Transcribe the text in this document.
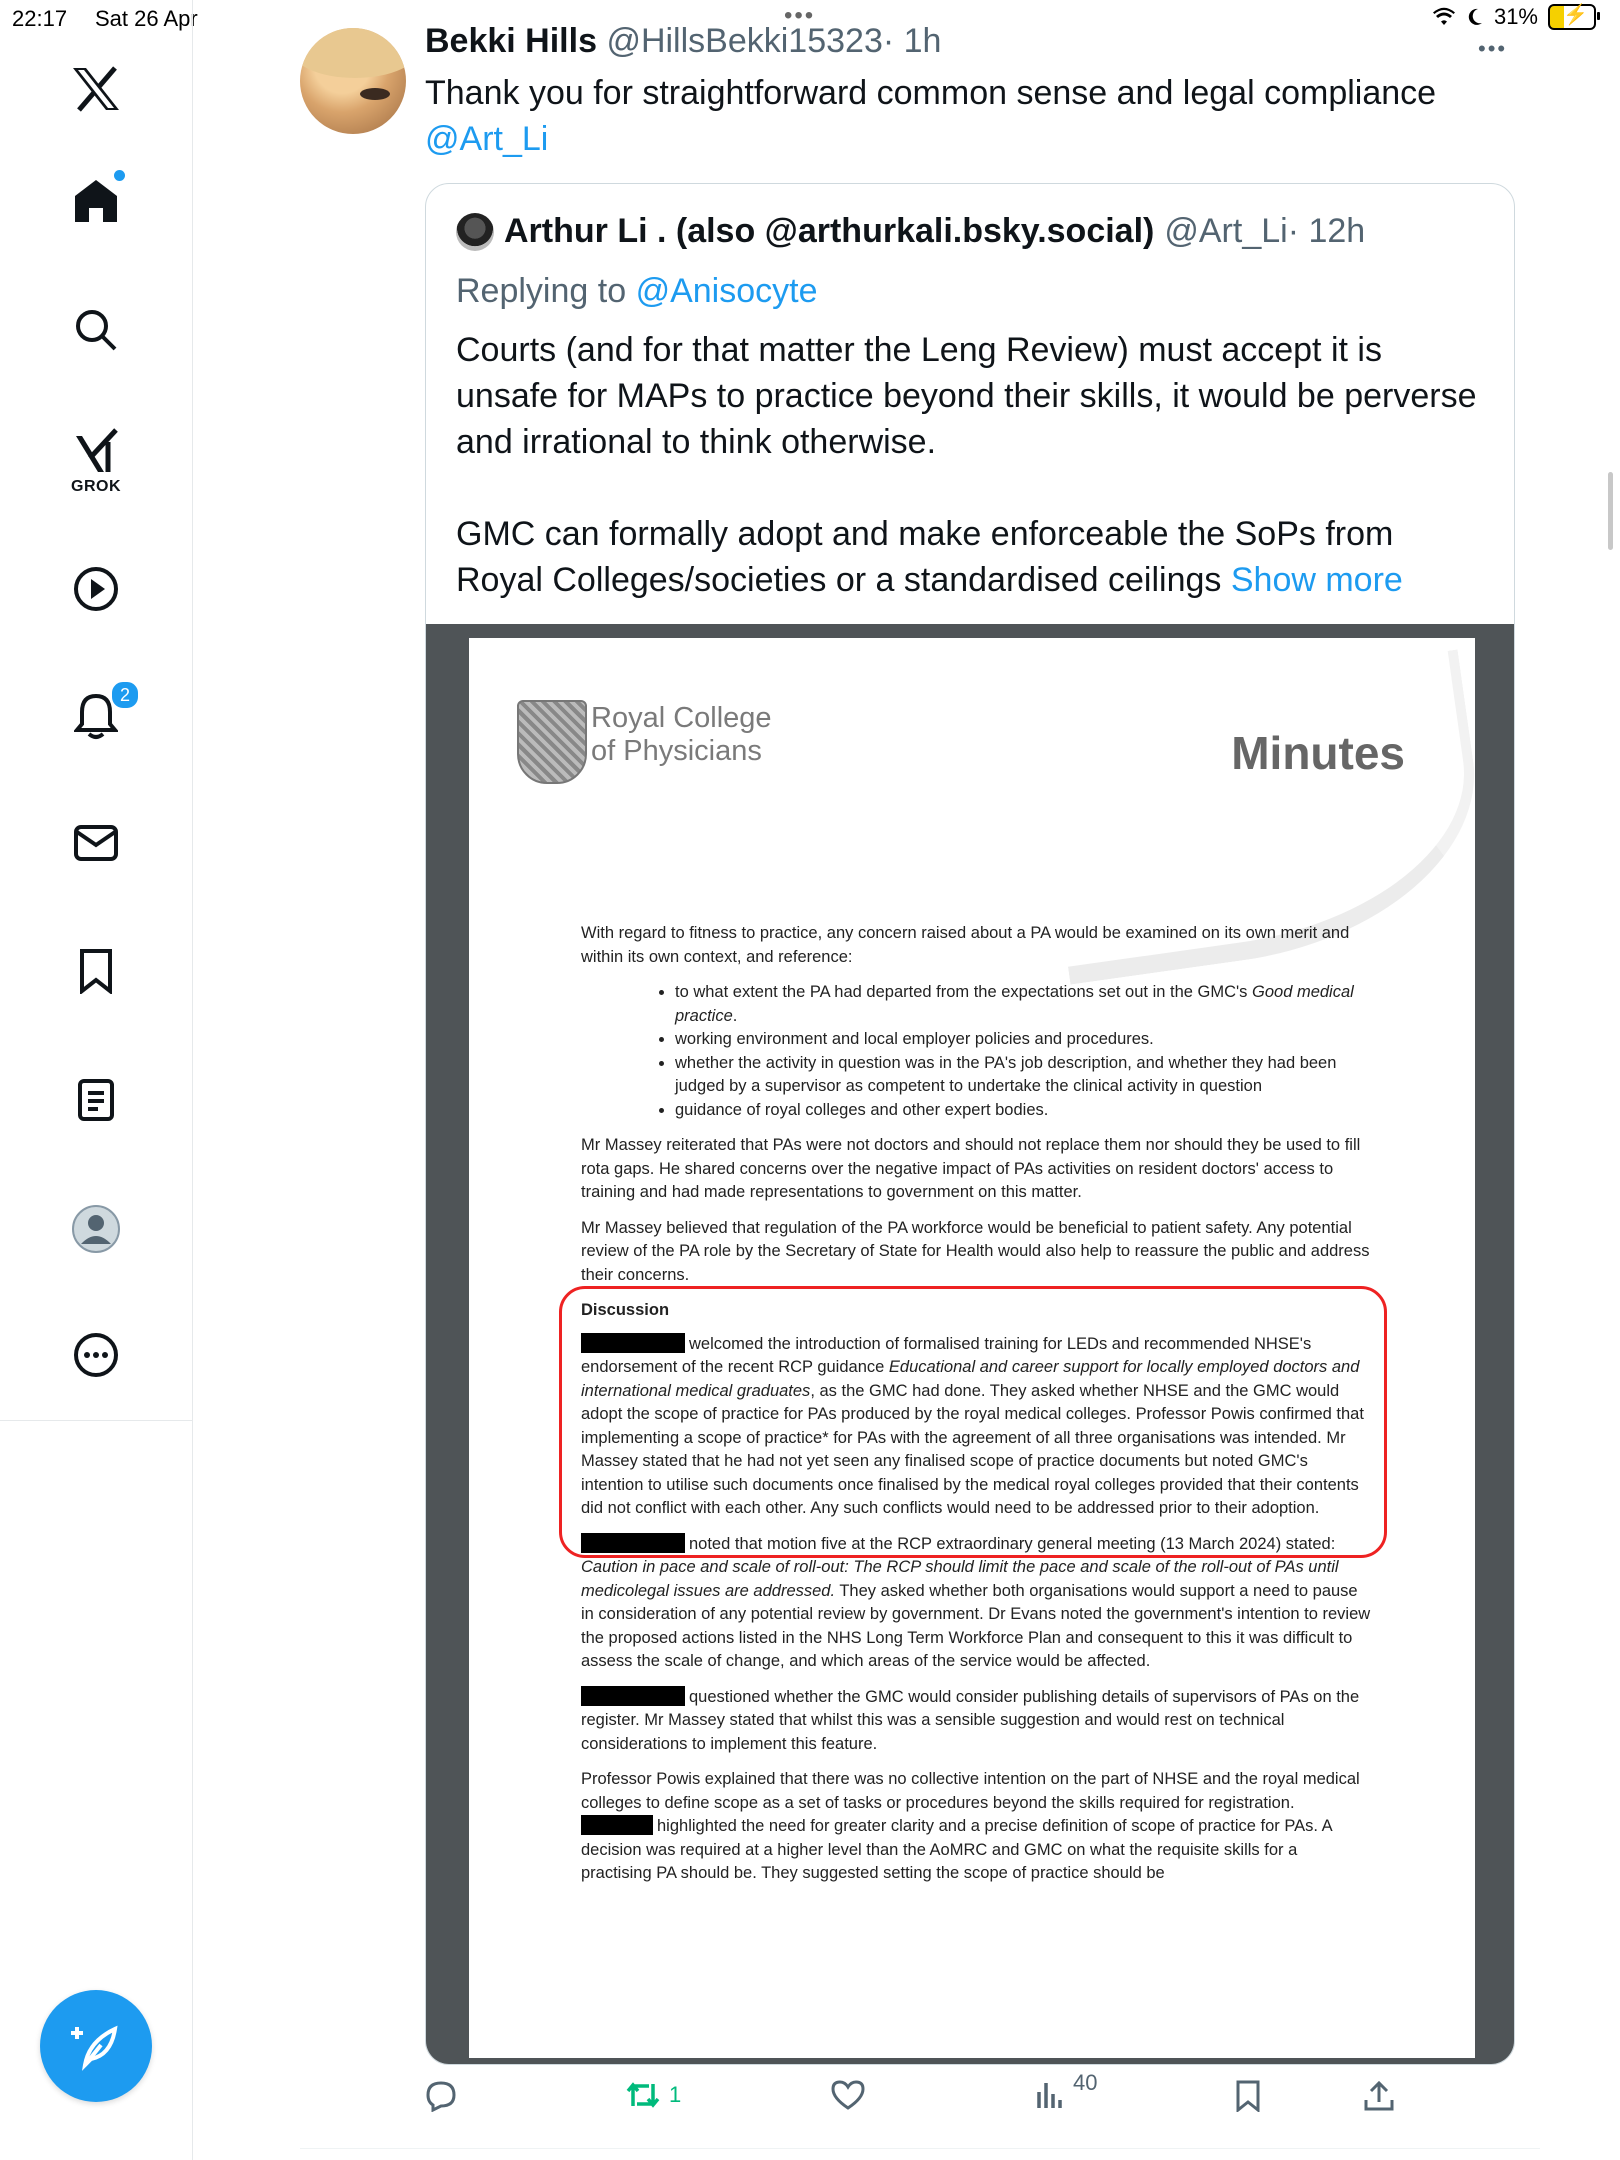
22:17 Sat 26 Apr	•••	31% ⚡
GROK
2
Bekki Hills @HillsBekki15323· 1h	•••
Thank you for straightforward common sense and legal compliance
@Art_Li
Arthur Li . (also @arthurkali.bsky.social) @Art_Li · 12h
Replying to @Anisocyte

Courts (and for that matter the Leng Review) must accept it is unsafe for MAPs to practice beyond their skills, it would be perverse and irrational to think otherwise.

GMC can formally adopt and make enforceable the SoPs from Royal Colleges/societies or a standardised ceilings Show more

Royal College
of Physicians	Minutes

With regard to fitness to practice, any concern raised about a PA would be examined on its own merit and within its own context, and reference:

• to what extent the PA had departed from the expectations set out in the GMC's Good medical practice.
• working environment and local employer policies and procedures.
• whether the activity in question was in the PA's job description, and whether they had been judged by a supervisor as competent to undertake the clinical activity in question
• guidance of royal colleges and other expert bodies.

Mr Massey reiterated that PAs were not doctors and should not replace them nor should they be used to fill rota gaps. He shared concerns over the negative impact of PAs activities on resident doctors' access to training and had made representations to government on this matter.

Mr Massey believed that regulation of the PA workforce would be beneficial to patient safety. Any potential review of the PA role by the Secretary of State for Health would also help to reassure the public and address their concerns.

Discussion

welcomed the introduction of formalised training for LEDs and recommended NHSE's endorsement of the recent RCP guidance Educational and career support for locally employed doctors and international medical graduates, as the GMC had done. They asked whether NHSE and the GMC would adopt the scope of practice for PAs produced by the royal medical colleges. Professor Powis confirmed that implementing a scope of practice* for PAs with the agreement of all three organisations was intended. Mr Massey stated that he had not yet seen any finalised scope of practice documents but noted GMC's intention to utilise such documents once finalised by the medical royal colleges provided that their contents did not conflict with each other. Any such conflicts would need to be addressed prior to their adoption.

noted that motion five at the RCP extraordinary general meeting (13 March 2024) stated: Caution in pace and scale of roll-out: The RCP should limit the pace and scale of the roll-out of PAs until medicolegal issues are addressed. They asked whether both organisations would support a need to pause in consideration of any potential review by government. Dr Evans noted the government's intention to review the proposed actions listed in the NHS Long Term Workforce Plan and consequent to this it was difficult to assess the scale of change, and which areas of the service would be affected.

questioned whether the GMC would consider publishing details of supervisors of PAs on the register. Mr Massey stated that whilst this was a sensible suggestion and would rest on technical considerations to implement this feature.

Professor Powis explained that there was no collective intention on the part of NHSE and the royal medical colleges to define scope as a set of tasks or procedures beyond the skills required for registration. highlighted the need for greater clarity and a precise definition of scope of practice for PAs. A decision was required at a higher level than the AoMRC and GMC on what the requisite skills for a practising PA should be. They suggested setting the scope of practice should be

1	40
